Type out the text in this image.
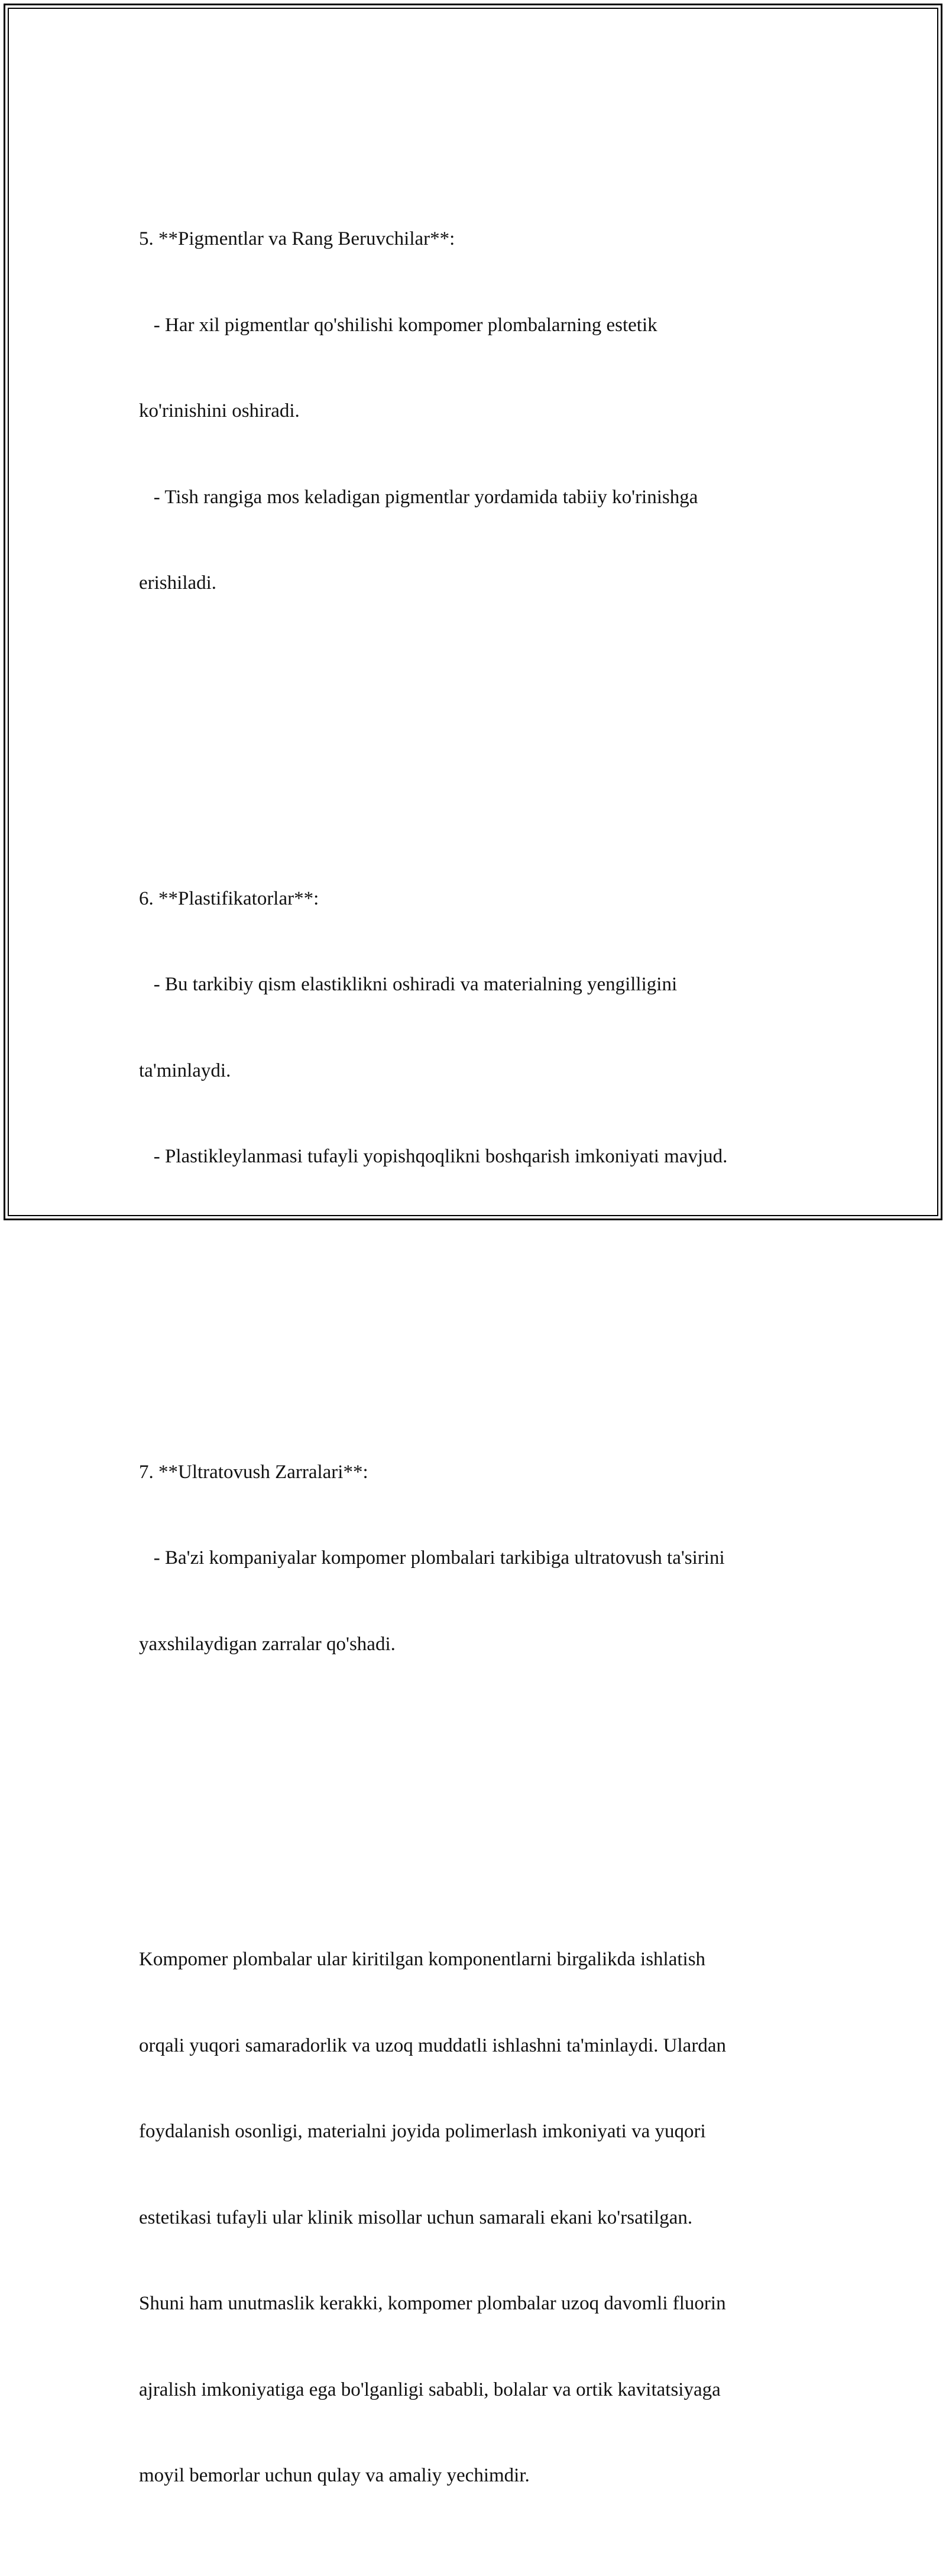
5. **Pigmentlar va Rang Beruvchilar**:

- Har xil pigmentlar qo'shilishi kompomer plombalarning estetik

ko'rinishini oshiradi.

- Tish rangiga mos keladigan pigmentlar yordamida tabiiy ko'rinishga

erishiladi.

6. **Plastifikatorlar**:

- Bu tarkibiy qism elastiklikni oshiradi va materialning yengilligini

ta'minlaydi.

- Plastikleylanmasi tufayli yopishqoqlikni boshqarish imkoniyati mavjud.

7. **Ultratovush Zarralari**:

- Ba'zi kompaniyalar kompomer plombalari tarkibiga ultratovush ta'sirini

yaxshilaydigan zarralar qo'shadi.

Kompomer plombalar ular kiritilgan komponentlarni birgalikda ishlatish

orqali yuqori samaradorlik va uzoq muddatli ishlashni ta'minlaydi. Ulardan

foydalanish osonligi, materialni joyida polimerlash imkoniyati va yuqori

estetikasi tufayli ular klinik misollar uchun samarali ekani ko'rsatilgan.

Shuni ham unutmaslik kerakki, kompomer plombalar uzoq davomli fluorin

ajralish imkoniyatiga ega bo'lganligi sababli, bolalar va ortik kavitatsiyaga

moyil bemorlar uchun qulay va amaliy yechimdir.
